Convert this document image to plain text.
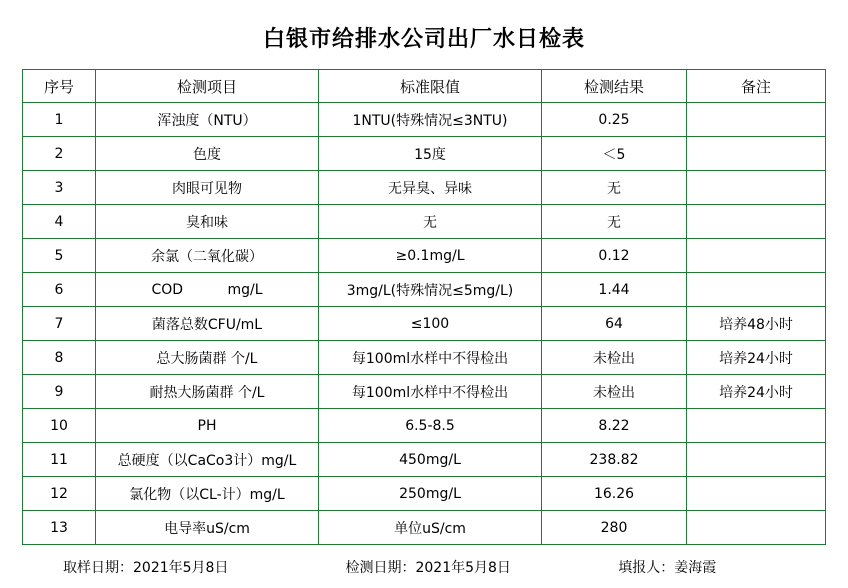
白银市给排水公司出厂水日检表
序号	检测项目	标准限值	检测结果	备注
1	浑浊度（NTU）	1NTU(特殊情况≤3NTU)	0.25	
2	色度	15度	＜5	
3	肉眼可见物	无异臭、异味	无	
4	臭和味	无	无	
5	余氯（二氧化碳）	≥0.1mg/L	0.12	
6	COD          mg/L	3mg/L(特殊情况≤5mg/L)	1.44	
7	菌落总数CFU/mL	≤100	64	培养48小时
8	总大肠菌群 个/L	每100ml水样中不得检出	未检出	培养24小时
9	耐热大肠菌群 个/L	每100ml水样中不得检出	未检出	培养24小时
10	PH	6.5-8.5	8.22	
11	总硬度（以CaCo3计）mg/L	450mg/L	238.82	
12	氯化物（以CL-计）mg/L	250mg/L	16.26	
13	电导率uS/cm	单位uS/cm	280	
取样日期：2021年5月8日	检测日期：2021年5月8日	填报人：姜海霞
